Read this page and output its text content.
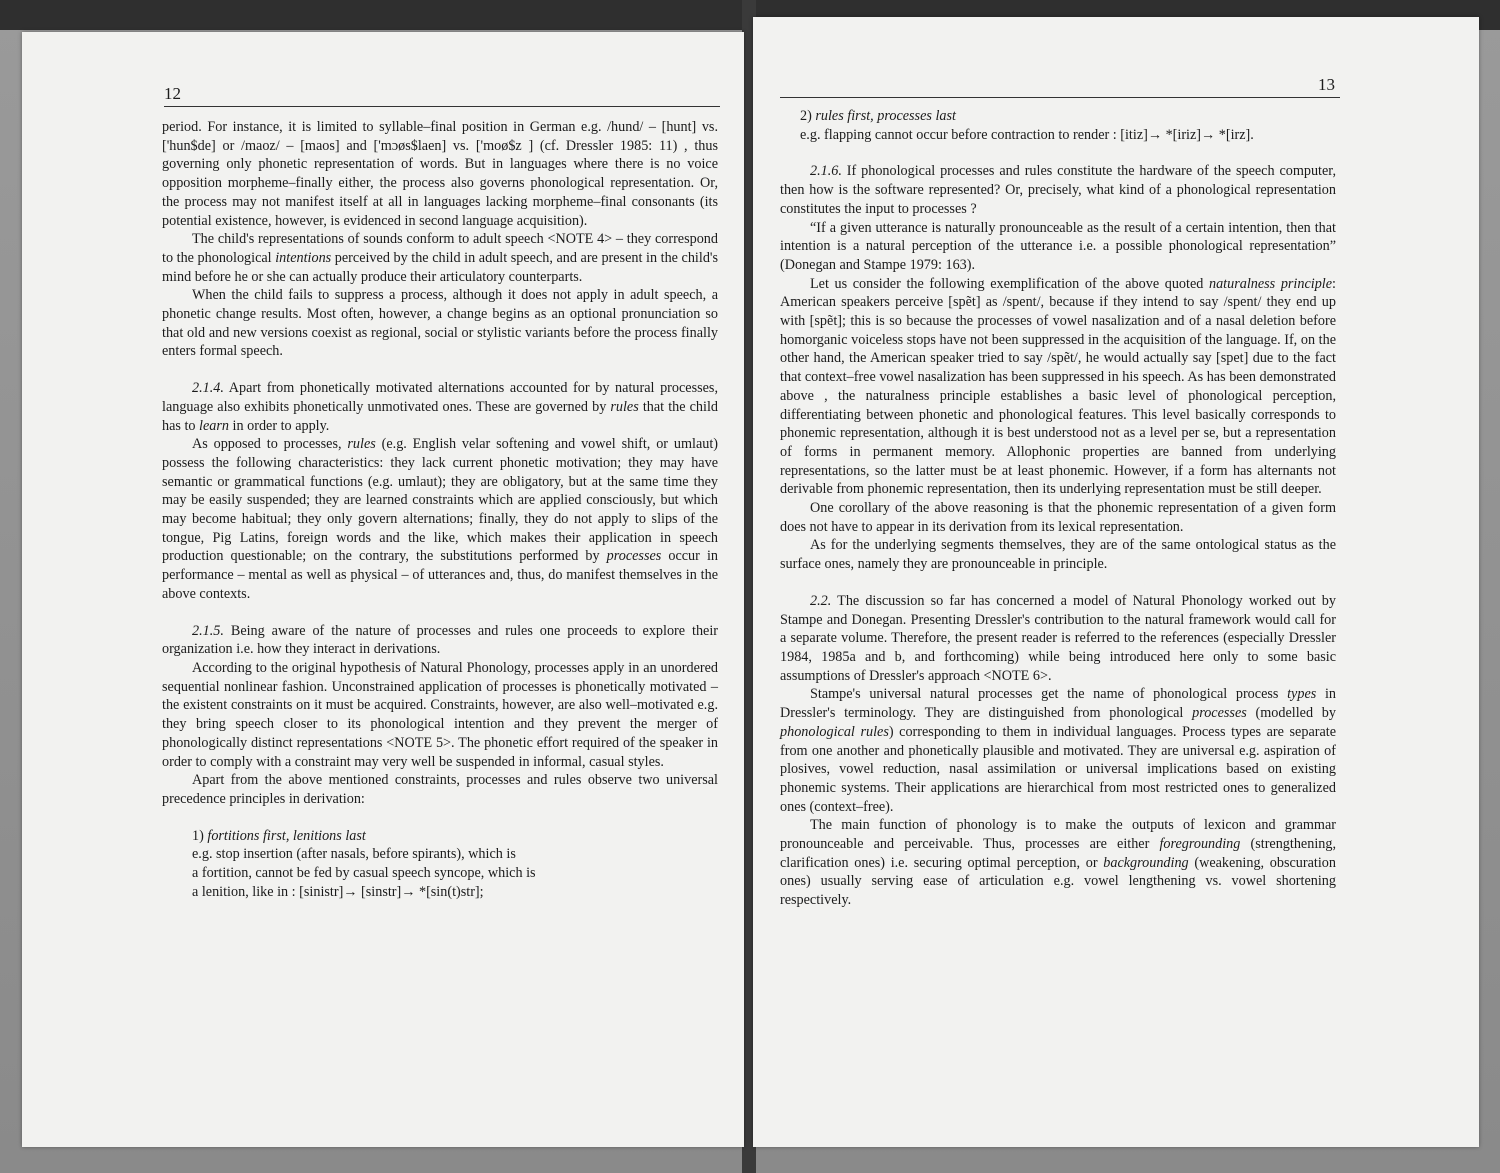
12

period. For instance, it is limited to syllable–final position in German e.g. /hund/ – [hunt] vs. ['hun$de] or /maoz/ – [maos] and ['mɔøs$laen] vs. ['moø$z ] (cf. Dressler 1985: 11) , thus governing only phonetic representation of words. But in languages where there is no voice opposition morpheme–finally either, the process also governs phonological representation. Or, the process may not manifest itself at all in languages lacking morpheme–final consonants (its potential existence, however, is evidenced in second language acquisition).

The child's representations of sounds conform to adult speech <NOTE 4> – they correspond to the phonological intentions perceived by the child in adult speech, and are present in the child's mind before he or she can actually produce their articulatory counterparts.

When the child fails to suppress a process, although it does not apply in adult speech, a phonetic change results. Most often, however, a change begins as an optional pronunciation so that old and new versions coexist as regional, social or stylistic variants before the process finally enters formal speech.

2.1.4. Apart from phonetically motivated alternations accounted for by natural processes, language also exhibits phonetically unmotivated ones. These are governed by rules that the child has to learn in order to apply.

As opposed to processes, rules (e.g. English velar softening and vowel shift, or umlaut) possess the following characteristics: they lack current phonetic motivation; they may have semantic or grammatical functions (e.g. umlaut); they are obligatory, but at the same time they may be easily suspended; they are learned constraints which are applied consciously, but which may become habitual; they only govern alternations; finally, they do not apply to slips of the tongue, Pig Latins, foreign words and the like, which makes their application in speech production questionable; on the contrary, the substitutions performed by processes occur in performance – mental as well as physical – of utterances and, thus, do manifest themselves in the above contexts.

2.1.5. Being aware of the nature of processes and rules one proceeds to explore their organization i.e. how they interact in derivations.

According to the original hypothesis of Natural Phonology, processes apply in an unordered sequential nonlinear fashion. Unconstrained application of processes is phonetically motivated – the existent constraints on it must be acquired. Constraints, however, are also well–motivated e.g. they bring speech closer to its phonological intention and they prevent the merger of phonologically distinct representations <NOTE 5>. The phonetic effort required of the speaker in order to comply with a constraint may very well be suspended in informal, casual styles.

Apart from the above mentioned constraints, processes and rules observe two universal precedence principles in derivation:

1) fortitions first, lenitions last
e.g. stop insertion (after nasals, before spirants), which is
a fortition, cannot be fed by casual speech syncope, which is
a lenition, like in : [sinistr]→ [sinstr]→ *[sin(t)str];
13
2) rules first, processes last
e.g. flapping cannot occur before contraction to render : [itiz]→ *[iriz]→ *[irz].

2.1.6. If phonological processes and rules constitute the hardware of the speech computer, then how is the software represented? Or, precisely, what kind of a phonological representation constitutes the input to processes ?

“If a given utterance is naturally pronounceable as the result of a certain intention, then that intention is a natural perception of the utterance i.e. a possible phonological representation” (Donegan and Stampe 1979: 163).

Let us consider the following exemplification of the above quoted naturalness principle: American speakers perceive [spẽt] as /spent/, because if they intend to say /spent/ they end up with [spẽt]; this is so because the processes of vowel nasalization and of a nasal deletion before homorganic voiceless stops have not been suppressed in the acquisition of the language. If, on the other hand, the American speaker tried to say /spẽt/, he would actually say [spet] due to the fact that context–free vowel nasalization has been suppressed in his speech. As has been demonstrated above , the naturalness principle establishes a basic level of phonological perception, differentiating between phonetic and phonological features. This level basically corresponds to phonemic representation, although it is best understood not as a level per se, but a representation of forms in permanent memory. Allophonic properties are banned from underlying representations, so the latter must be at least phonemic. However, if a form has alternants not derivable from phonemic representation, then its underlying representation must be still deeper.

One corollary of the above reasoning is that the phonemic representation of a given form does not have to appear in its derivation from its lexical representation.

As for the underlying segments themselves, they are of the same ontological status as the surface ones, namely they are pronounceable in principle.

2.2. The discussion so far has concerned a model of Natural Phonology worked out by Stampe and Donegan. Presenting Dressler's contribution to the natural framework would call for a separate volume. Therefore, the present reader is referred to the references (especially Dressler 1984, 1985a and b, and forthcoming) while being introduced here only to some basic assumptions of Dressler's approach <NOTE 6>.

Stampe's universal natural processes get the name of phonological process types in Dressler's terminology. They are distinguished from phonological processes (modelled by phonological rules) corresponding to them in individual languages. Process types are separate from one another and phonetically plausible and motivated. They are universal e.g. aspiration of plosives, vowel reduction, nasal assimilation or universal implications based on existing phonemic systems. Their applications are hierarchical from most restricted ones to generalized ones (context–free).

The main function of phonology is to make the outputs of lexicon and grammar pronounceable and perceivable. Thus, processes are either foregrounding (strengthening, clarification ones) i.e. securing optimal perception, or backgrounding (weakening, obscuration ones) usually serving ease of articulation e.g. vowel lengthening vs. vowel shortening respectively.
